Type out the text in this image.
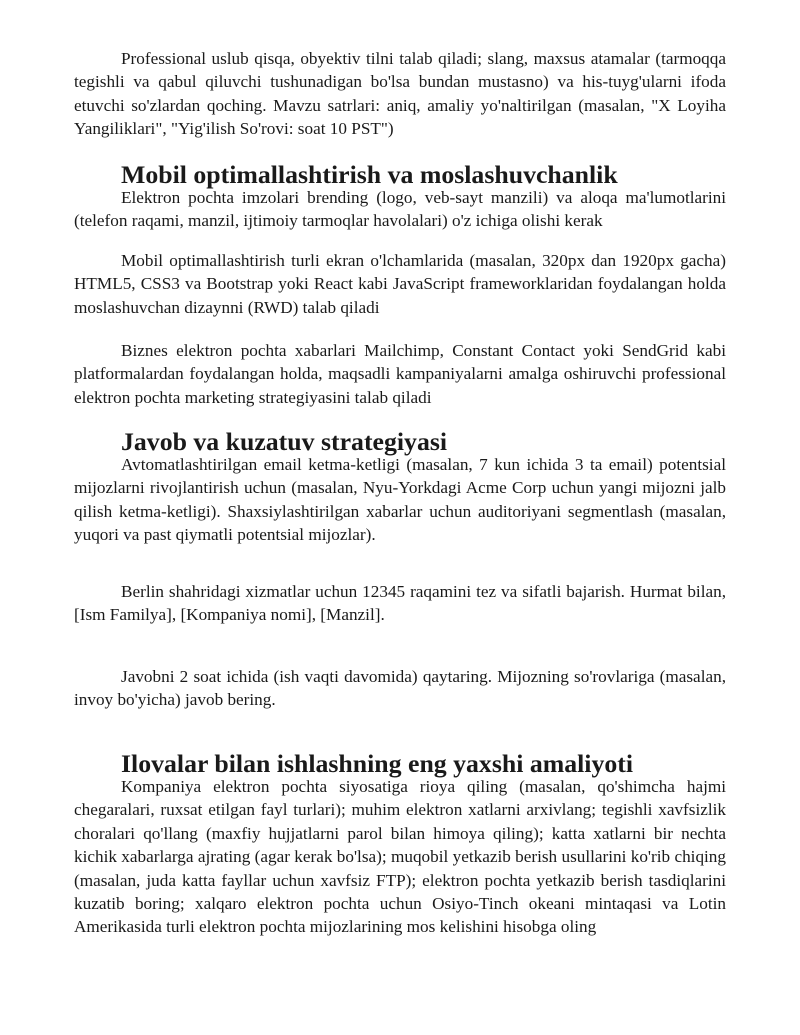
Professional uslub qisqa, obyektiv tilni talab qiladi; slang, maxsus atamalar (tarmoqqa tegishli va qabul qiluvchi tushunadigan bo'lsa bundan mustasno) va his-tuyg'ularni ifoda etuvchi so'zlardan qoching. Mavzu satrlari: aniq, amaliy yo'naltirilgan (masalan, "X Loyiha Yangiliklari", "Yig'ilish So'rovi: soat 10 PST")

Mobil optimallashtirish va moslashuvchanlik

Elektron pochta imzolari brending (logo, veb-sayt manzili) va aloqa ma'lumotlarini (telefon raqami, manzil, ijtimoiy tarmoqlar havolalari) o'z ichiga olishi kerak

Mobil optimallashtirish turli ekran o'lchamlarida (masalan, 320px dan 1920px gacha) HTML5, CSS3 va Bootstrap yoki React kabi JavaScript frameworklaridan foydalangan holda moslashuvchan dizaynni (RWD) talab qiladi

Biznes elektron pochta xabarlari Mailchimp, Constant Contact yoki SendGrid kabi platformalardan foydalangan holda, maqsadli kampaniyalarni amalga oshiruvchi professional elektron pochta marketing strategiyasini talab qiladi

Javob va kuzatuv strategiyasi

Avtomatlashtirilgan email ketma-ketligi (masalan, 7 kun ichida 3 ta email) potentsial mijozlarni rivojlantirish uchun (masalan, Nyu-Yorkdagi Acme Corp uchun yangi mijozni jalb qilish ketma-ketligi). Shaxsiylashtirilgan xabarlar uchun auditoriyani segmentlash (masalan, yuqori va past qiymatli potentsial mijozlar).

Berlin shahridagi xizmatlar uchun 12345 raqamini tez va sifatli bajarish. Hurmat bilan, [Ism Familya], [Kompaniya nomi], [Manzil].

Javobni 2 soat ichida (ish vaqti davomida) qaytaring. Mijozning so'rovlariga (masalan, invoy bo'yicha) javob bering.

Ilovalar bilan ishlashning eng yaxshi amaliyoti

Kompaniya elektron pochta siyosatiga rioya qiling (masalan, qo'shimcha hajmi chegaralari, ruxsat etilgan fayl turlari); muhim elektron xatlarni arxivlang; tegishli xavfsizlik choralari qo'llang (maxfiy hujjatlarni parol bilan himoya qiling); katta xatlarni bir nechta kichik xabarlarga ajrating (agar kerak bo'lsa); muqobil yetkazib berish usullarini ko'rib chiqing (masalan, juda katta fayllar uchun xavfsiz FTP); elektron pochta yetkazib berish tasdiqlarini kuzatib boring; xalqaro elektron pochta uchun Osiyo-Tinch okeani mintaqasi va Lotin Amerikasida turli elektron pochta mijozlarining mos kelishini hisobga oling
